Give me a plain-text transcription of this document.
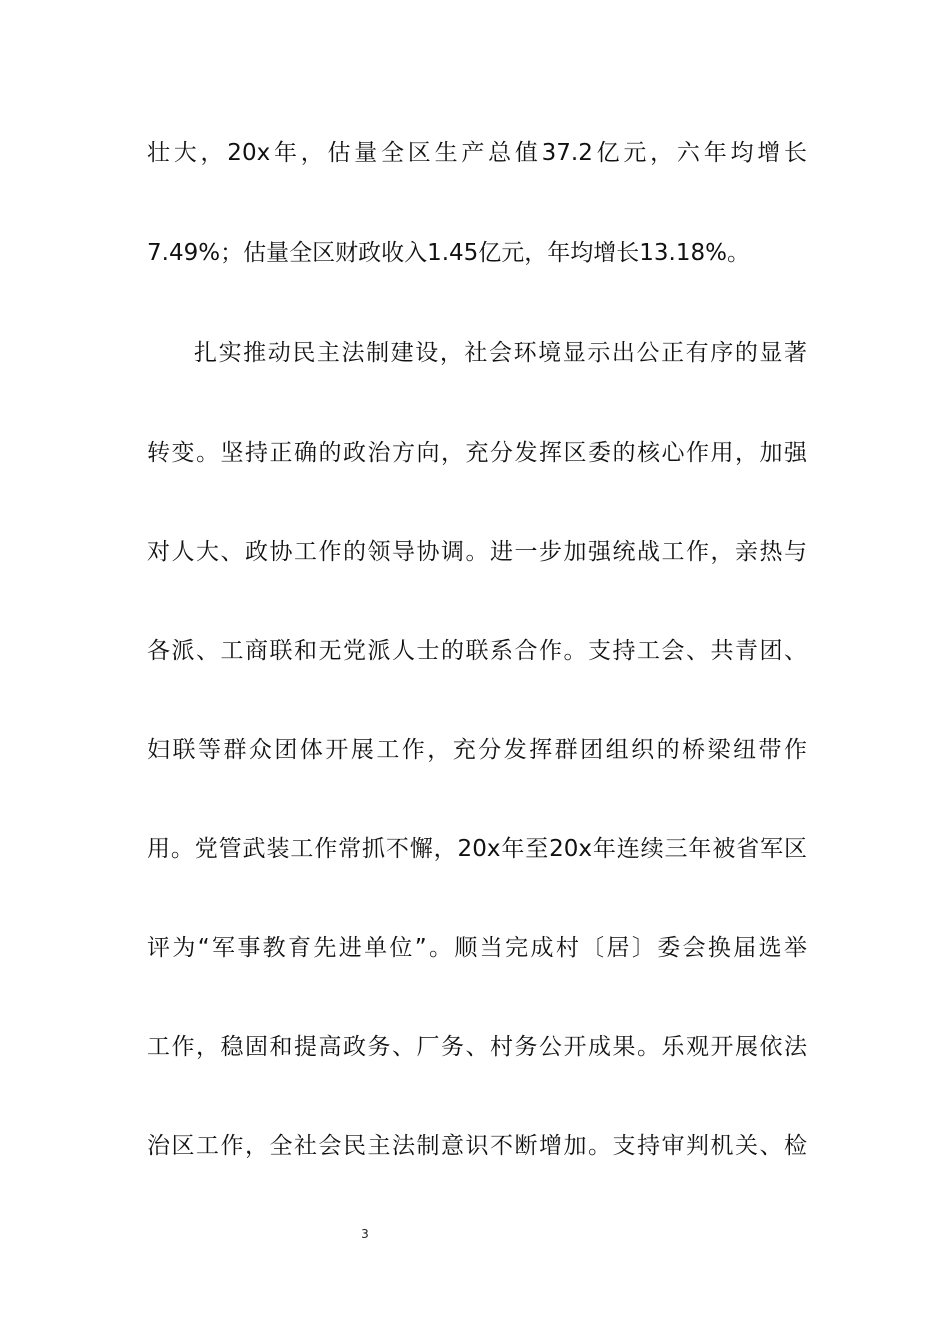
壮大，20x年，估量全区生产总值37.2亿元，六年均增长
7.49%；估量全区财政收入1.45亿元，年均增长13.18%。
扎实推动民主法制建设，社会环境显示出公正有序的显著
转变。坚持正确的政治方向，充分发挥区委的核心作用，加强
对人大、政协工作的领导协调。进一步加强统战工作，亲热与
各派、工商联和无党派人士的联系合作。支持工会、共青团、
妇联等群众团体开展工作，充分发挥群团组织的桥梁纽带作
用。党管武装工作常抓不懈，20x年至20x年连续三年被省军区
评为“军事教育先进单位”。顺当完成村〔居〕委会换届选举
工作，稳固和提高政务、厂务、村务公开成果。乐观开展依法
治区工作，全社会民主法制意识不断增加。支持审判机关、检
3
